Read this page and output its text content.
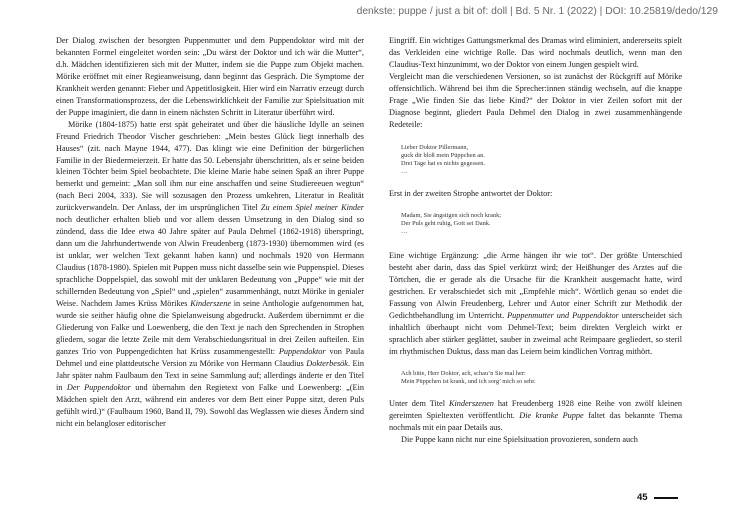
denkste: puppe / just a bit of: doll | Bd. 5 Nr. 1 (2022) | DOI: 10.25819/dedo/129

Der Dialog zwischen der besorgten Puppenmutter und dem Puppendoktor wird mit der bekannten Formel eingeleitet worden sein: „Du wärst der Doktor und ich wär die Mutter“, d.h. Mädchen identifizieren sich mit der Mutter, indem sie die Puppe zum Objekt machen. Mörike eröffnet mit einer Regieanweisung, dann beginnt das Gespräch. Die Symptome der Krankheit werden genannt: Fieber und Appetitlosigkeit. Hier wird ein Narrativ erzeugt durch einen Transformationsprozess, der die Lebenswirklichkeit der Familie zur Spielsituation mit der Puppe imaginiert, die dann in einem nächsten Schritt in Literatur überführt wird.

Mörike (1804-1875) hatte erst spät geheiratet und über die häusliche Idylle an seinen Freund Friedrich Theodor Vischer geschrieben: „Mein bestes Glück liegt innerhalb des Hauses“ (zit. nach Mayne 1944, 477). Das klingt wie eine Definition der bürgerlichen Familie in der Biedermeierzeit. Er hatte das 50. Lebensjahr überschritten, als er seine beiden kleinen Töchter beim Spiel beobachtete. Die kleine Marie habe seinen Spaß an ihrer Puppe bemerkt und gemeint: „Man soll ihm nur eine anschaffen und seine Studiereeuen wegtun“ (nach Beci 2004, 333). Sie will sozusagen den Prozess umkehren, Literatur in Realität zurückverwandeln. Der Anlass, der im ursprünglichen Titel Zu einem Spiel meiner Kinder noch deutlicher erhalten blieb und vor allem dessen Umsetzung in den Dialog sind so zündend, dass die Idee etwa 40 Jahre später auf Paula Dehmel (1862-1918) überspringt, dann um die Jahrhundertwende von Alwin Freudenberg (1873-1930) übernommen wird (es ist unklar, wer welchen Text gekannt haben kann) und nochmals 1920 von Hermann Claudius (1878-1980). Spielen mit Puppen muss nicht dasselbe sein wie Puppenspiel. Dieses sprachliche Doppelspiel, das sowohl mit der unklaren Bedeutung von „Puppe“ wie mit der schillernden Bedeutung von „Spiel“ und „spielen“ zusammenhängt, nutzt Mörike in genialer Weise. Nachdem James Krüss Mörikes Kinderszene in seine Anthologie aufgenommen hat, wurde sie seither häufig ohne die Spielanweisung abgedruckt. Außerdem übernimmt er die Gliederung von Falke und Loewenberg, die den Text je nach den Sprechenden in Strophen gliedern, sogar die letzte Zeile mit dem Verabschiedungsritual in drei Zeilen aufteilen. Ein ganzes Trio von Puppengedichten hat Krüss zusammengestellt: Puppendoktor von Paula Dehmel und eine plattdeutsche Version zu Mörike von Hermann Claudius Dokterbesök. Ein Jahr später nahm Faulbaum den Text in seine Sammlung auf; allerdings änderte er den Titel in Der Puppendoktor und übernahm den Regietext von Falke und Loewenberg: „(Ein Mädchen spielt den Arzt, während ein anderes vor dem Bett einer Puppe sitzt, deren Puls gefühlt wird.)“ (Faulbaum 1960, Band II, 79). Sowohl das Weglassen wie dieses Ändern sind nicht ein belangloser editorischer

Eingriff. Ein wichtiges Gattungsmerkmal des Dramas wird eliminiert, andererseits spielt das Verkleiden eine wichtige Rolle. Das wird nochmals deutlich, wenn man den Claudius-Text hinzunimmt, wo der Doktor von einem Jungen gespielt wird.

Vergleicht man die verschiedenen Versionen, so ist zunächst der Rückgriff auf Mörike offensichtlich. Während bei ihm die Sprecher:innen ständig wechseln, auf die knappe Frage „Wie finden Sie das liebe Kind?“ der Doktor in vier Zeilen sofort mit der Diagnose beginnt, gliedert Paula Dehmel den Dialog in zwei zusammenhängende Redeteile:

Lieber Doktor Pillermann,
guck dir bloß mein Püppchen an.
Drei Tage hat es nichts gegessen.
…

Erst in der zweiten Strophe antwortet der Doktor:

Madam, Sie ängstigen sich noch krank;
Der Puls geht ruhig, Gott sei Dank.
…

Eine wichtige Ergänzung: „die Arme hängen ihr wie tot“. Der größte Unterschied besteht aber darin, dass das Spiel verkürzt wird; der Heißhunger des Arztes auf die Törtchen, die er gerade als die Ursache für die Krankheit ausgemacht hatte, wird gestrichen. Er verabschiedet sich mit „Empfehle mich“. Wörtlich genau so endet die Fassung von Alwin Freudenberg, Lehrer und Autor einer Schrift zur Methodik der Gedichtbehandlung im Unterricht. Puppenmutter und Puppendoktor unterscheidet sich inhaltlich überhaupt nicht vom Dehmel-Text; beim direkten Vergleich wirkt er sprachlich aber stärker geglättet, sauber in zweimal acht Reimpaare gegliedert, so steril im rhythmischen Duktus, dass man das Leiern beim kindlichen Vortrag mithört.

Ach bitte, Herr Doktor, ach, schau’n Sie mal her:
Mein Püppchen ist krank, und ich sorg’ mich so sehr.

Unter dem Titel Kinderszenen hat Freudenberg 1928 eine Reihe von zwölf kleinen gereimten Spieltexten veröffentlicht. Die kranke Puppe faltet das bekannte Thema nochmals mit ein paar Details aus.

Die Puppe kann nicht nur eine Spielsituation provozieren, sondern auch

45
